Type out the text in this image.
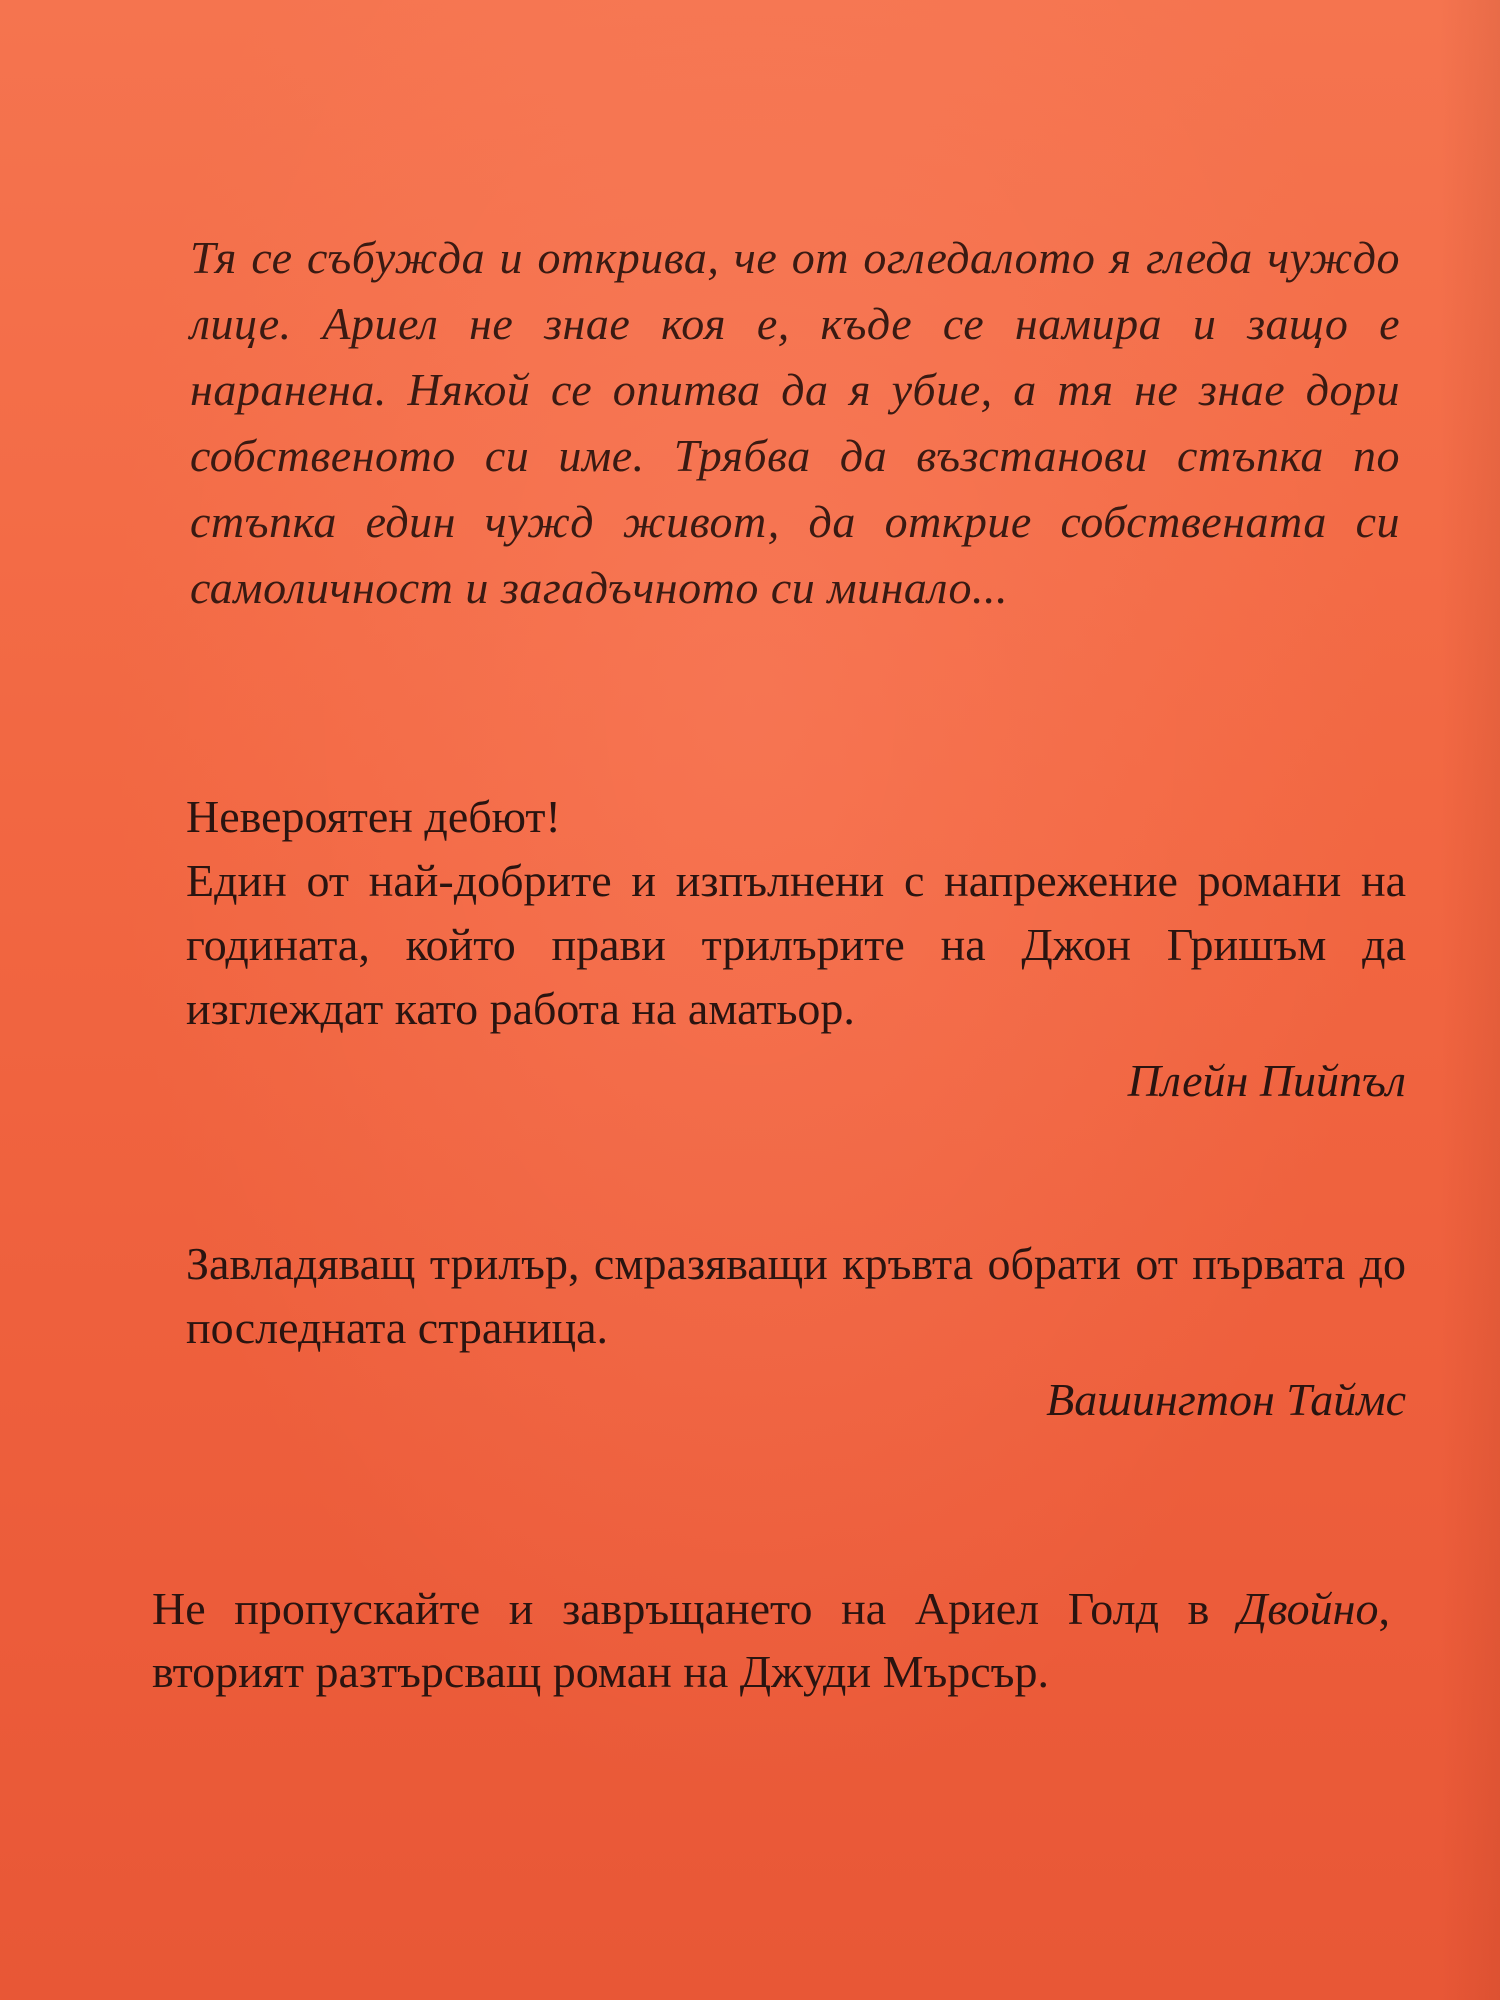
Тя се събужда и открива, че от огледалото я гледа чуждо лице. Ариел не знае коя е, къде се намира и защо е наранена. Някой се опитва да я убие, а тя не знае дори собственото си име. Трябва да възстанови стъпка по стъпка един чужд живот, да открие собствената си самоличност и загадъчното си минало...

Невероятен дебют!

Един от най-добрите и изпълнени с напрежение романи на годината, който прави трилърите на Джон Гришъм да изглеждат като работа на аматьор.

Плейн Пийпъл

Завладяващ трилър, смразяващи кръвта обрати от първата до последната страница.

Вашингтон Таймс

Не пропускайте и завръщането на Ариел Голд в Двойно, вторият разтърсващ роман на Джуди Мърсър.
